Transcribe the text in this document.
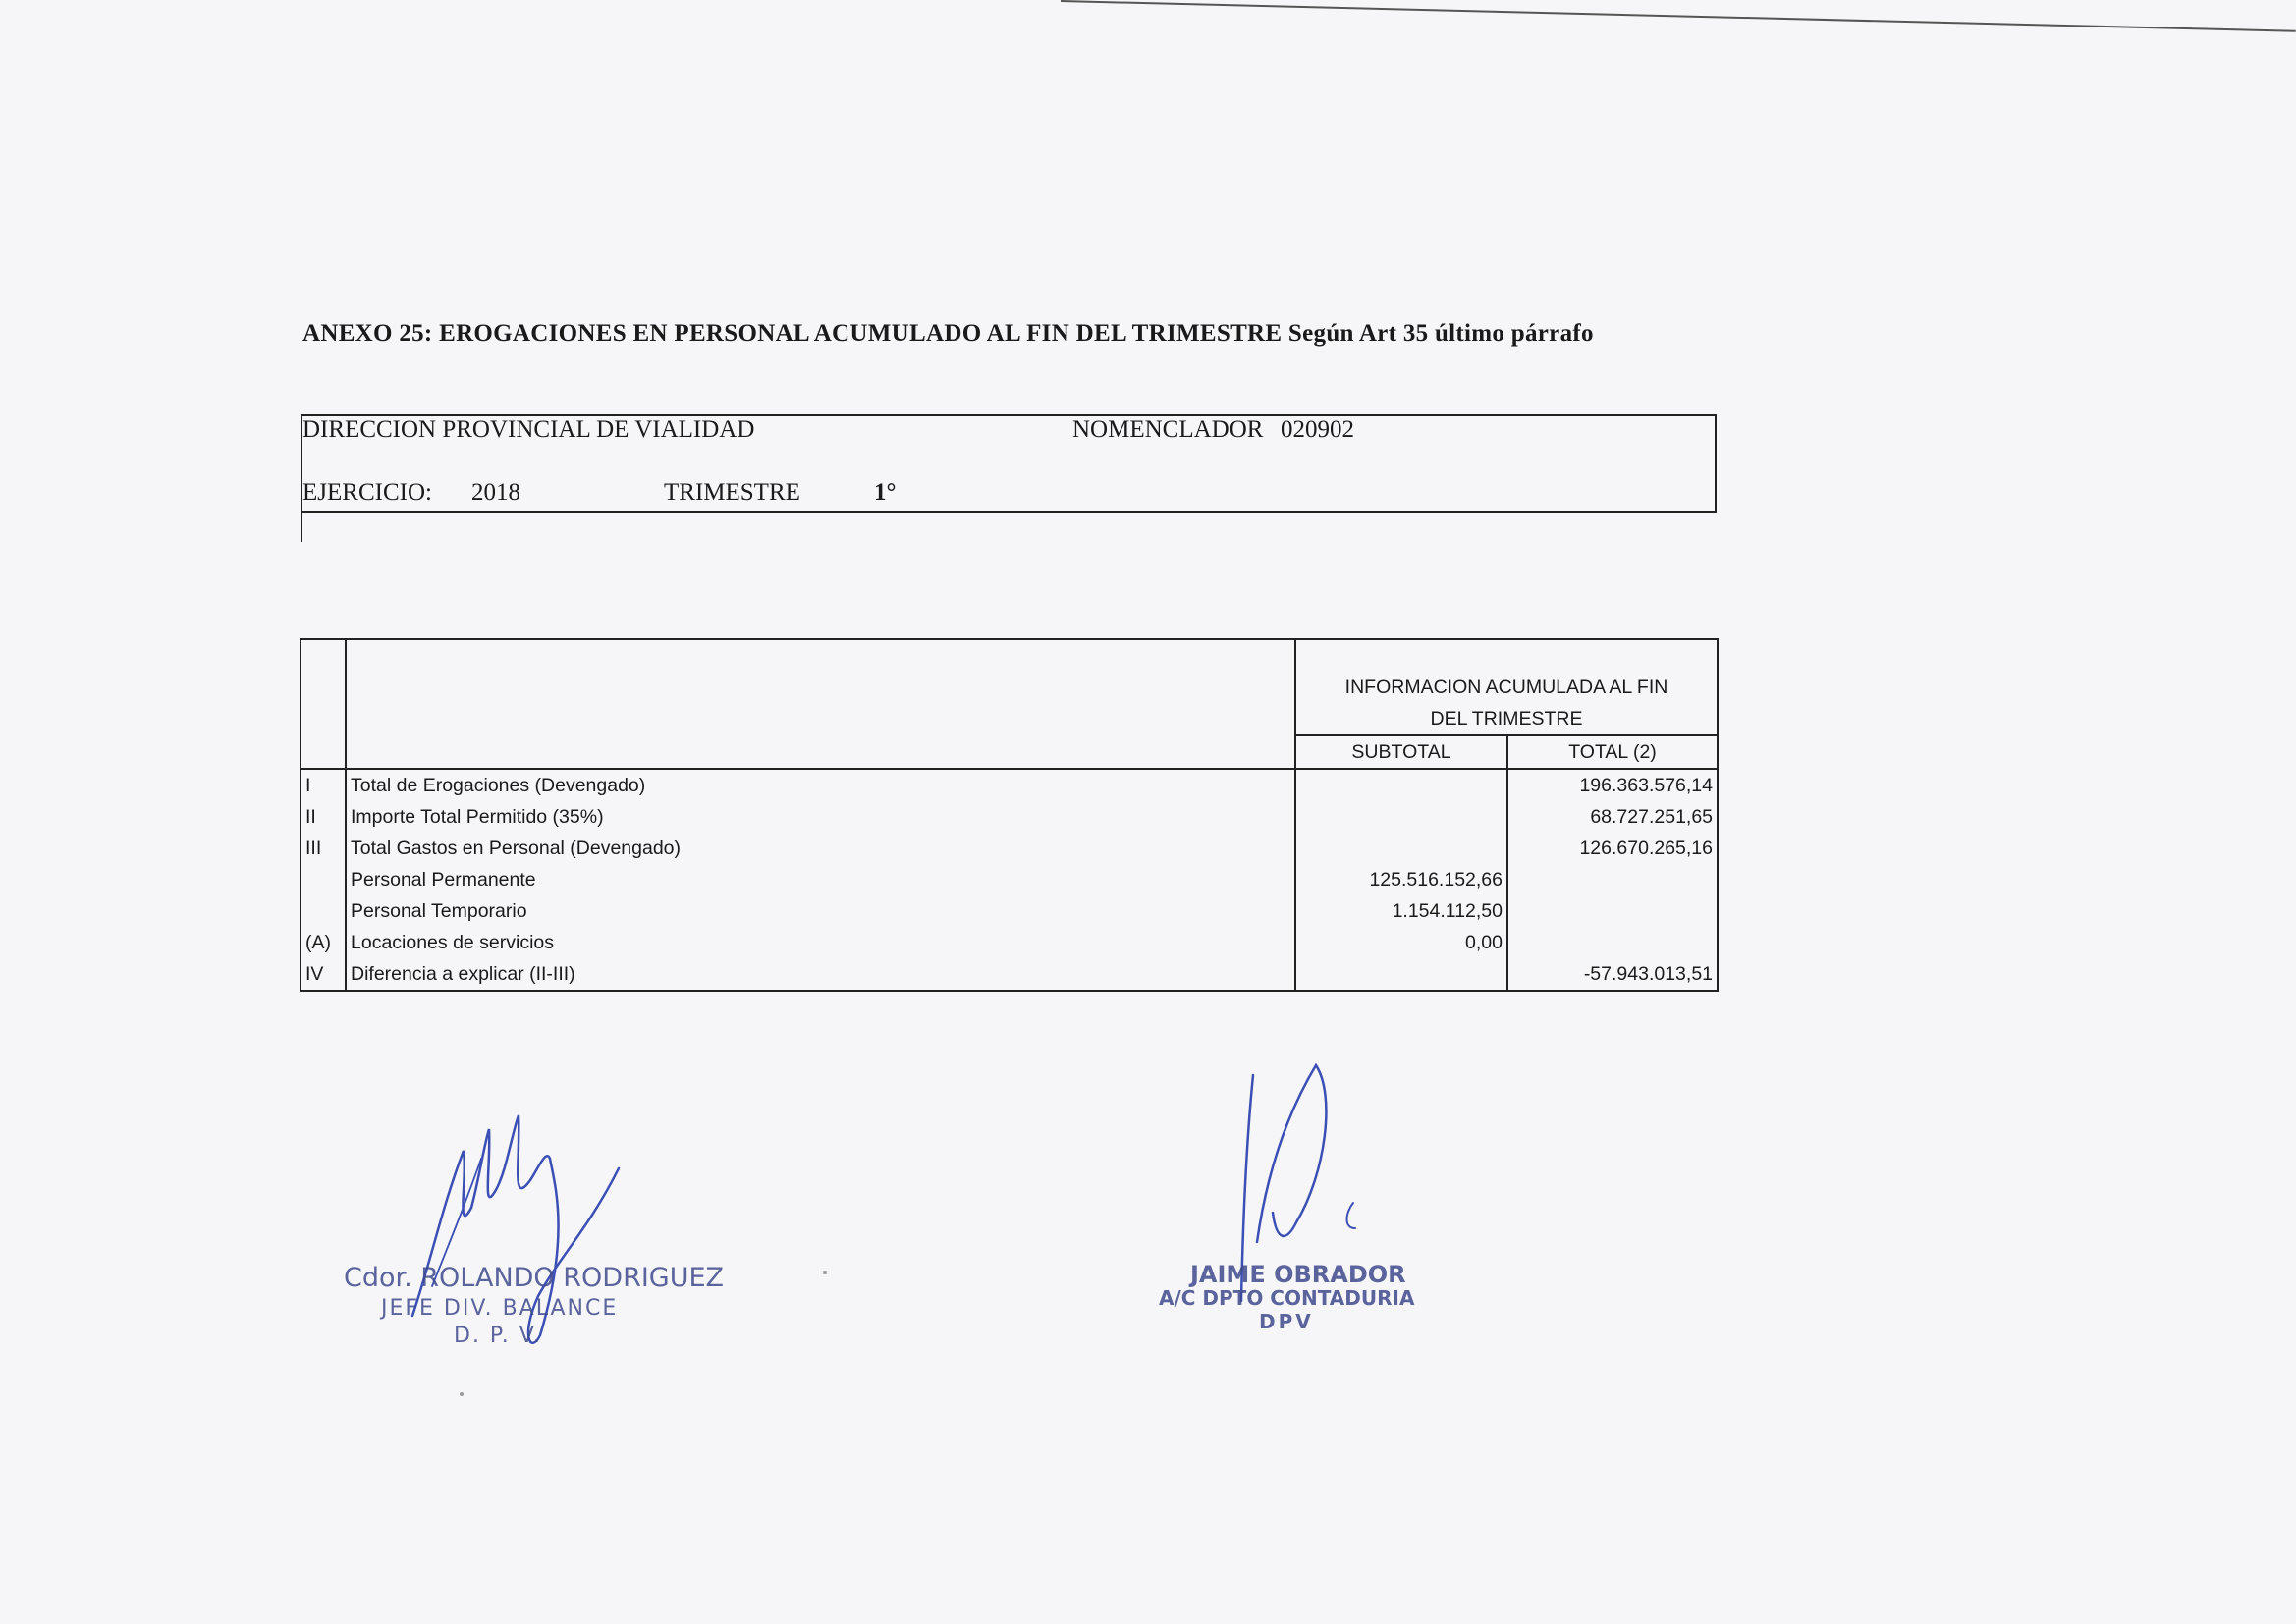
ANEXO 25: EROGACIONES EN PERSONAL ACUMULADO AL FIN DEL TRIMESTRE Según Art 35 último párrafo
DIRECCION PROVINCIAL DE VIALIDAD	NOMENCLADOR 020902
EJERCICIO: 2018	TRIMESTRE	1°

		INFORMACION ACUMULADA AL FIN
DEL TRIMESTRE	

		SUBTOTAL	TOTAL (2)
I	Total de Erogaciones (Devengado)		196.363.576,14
II	Importe Total Permitido (35%)		68.727.251,65
III	Total Gastos en Personal (Devengado)		126.670.265,16
	Personal Permanente	125.516.152,66	
	Personal Temporario	1.154.112,50	
(A)	Locaciones de servicios	0,00	
IV	Diferencia a explicar (II-III)		-57.943.013,51
Cdor. ROLANDO RODRIGUEZ
JEFE DIV. BALANCE
D. P. V.
JAIME OBRADOR
A/C DPTO CONTADURIA
DPV
